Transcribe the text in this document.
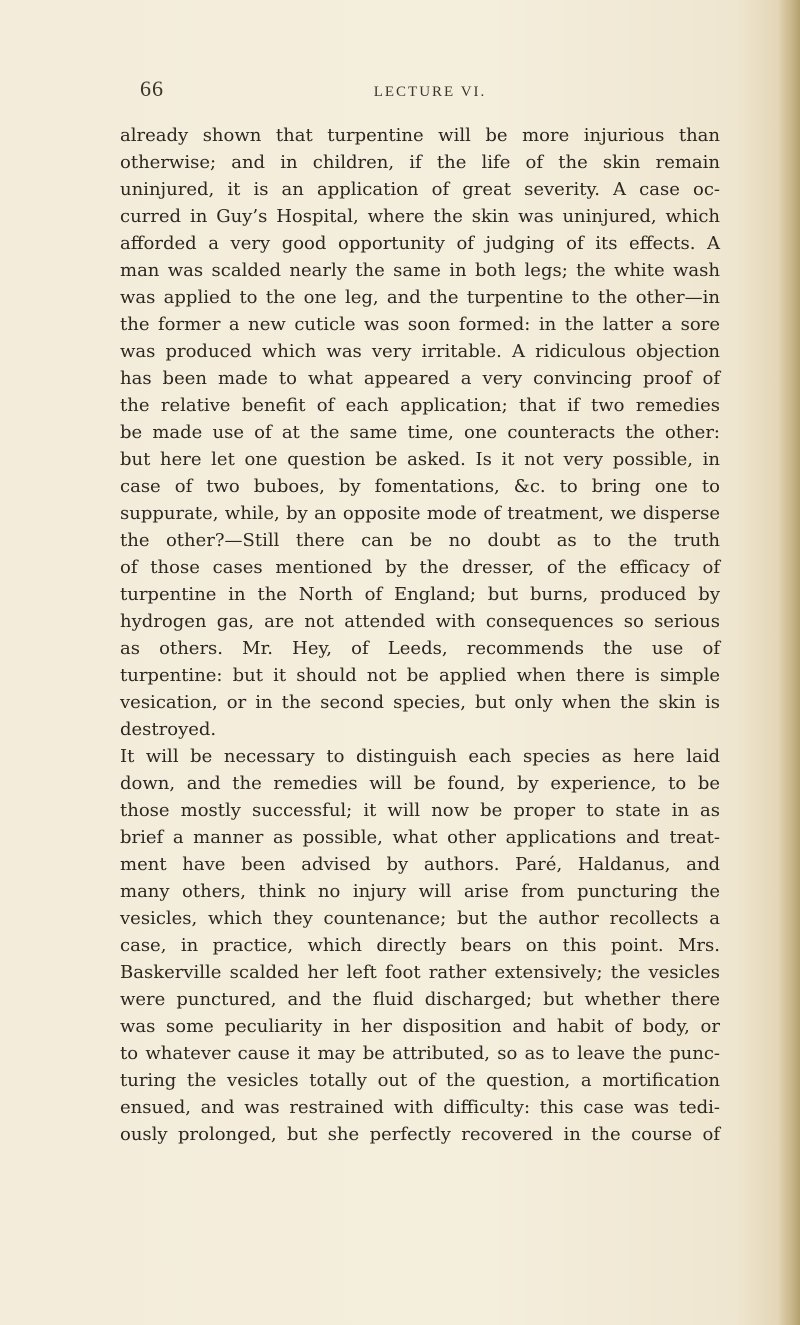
66	LECTURE VI.
already shown that turpentine will be more injurious than
otherwise; and in children, if the life of the skin remain
uninjured, it is an application of great severity. A case oc-
curred in Guy’s Hospital, where the skin was uninjured, which
afforded a very good opportunity of judging of its effects. A
man was scalded nearly the same in both legs; the white wash
was applied to the one leg, and the turpentine to the other—in
the former a new cuticle was soon formed: in the latter a sore
was produced which was very irritable. A ridiculous objection
has been made to what appeared a very convincing proof of
the relative benefit of each application; that if two remedies
be made use of at the same time, one counteracts the other:
but here let one question be asked. Is it not very possible, in
case of two buboes, by fomentations, &c. to bring one to
suppurate, while, by an opposite mode of treatment, we disperse
the other?—Still there can be no doubt as to the truth
of those cases mentioned by the dresser, of the efficacy of
turpentine in the North of England; but burns, produced by
hydrogen gas, are not attended with consequences so serious
as others. Mr. Hey, of Leeds, recommends the use of
turpentine: but it should not be applied when there is simple
vesication, or in the second species, but only when the skin is
destroyed.
It will be necessary to distinguish each species as here laid
down, and the remedies will be found, by experience, to be
those mostly successful; it will now be proper to state in as
brief a manner as possible, what other applications and treat-
ment have been advised by authors. Paré, Haldanus, and
many others, think no injury will arise from puncturing the
vesicles, which they countenance; but the author recollects a
case, in practice, which directly bears on this point. Mrs.
Baskerville scalded her left foot rather extensively; the vesicles
were punctured, and the fluid discharged; but whether there
was some peculiarity in her disposition and habit of body, or
to whatever cause it may be attributed, so as to leave the punc-
turing the vesicles totally out of the question, a mortification
ensued, and was restrained with difficulty: this case was tedi-
ously prolonged, but she perfectly recovered in the course of
